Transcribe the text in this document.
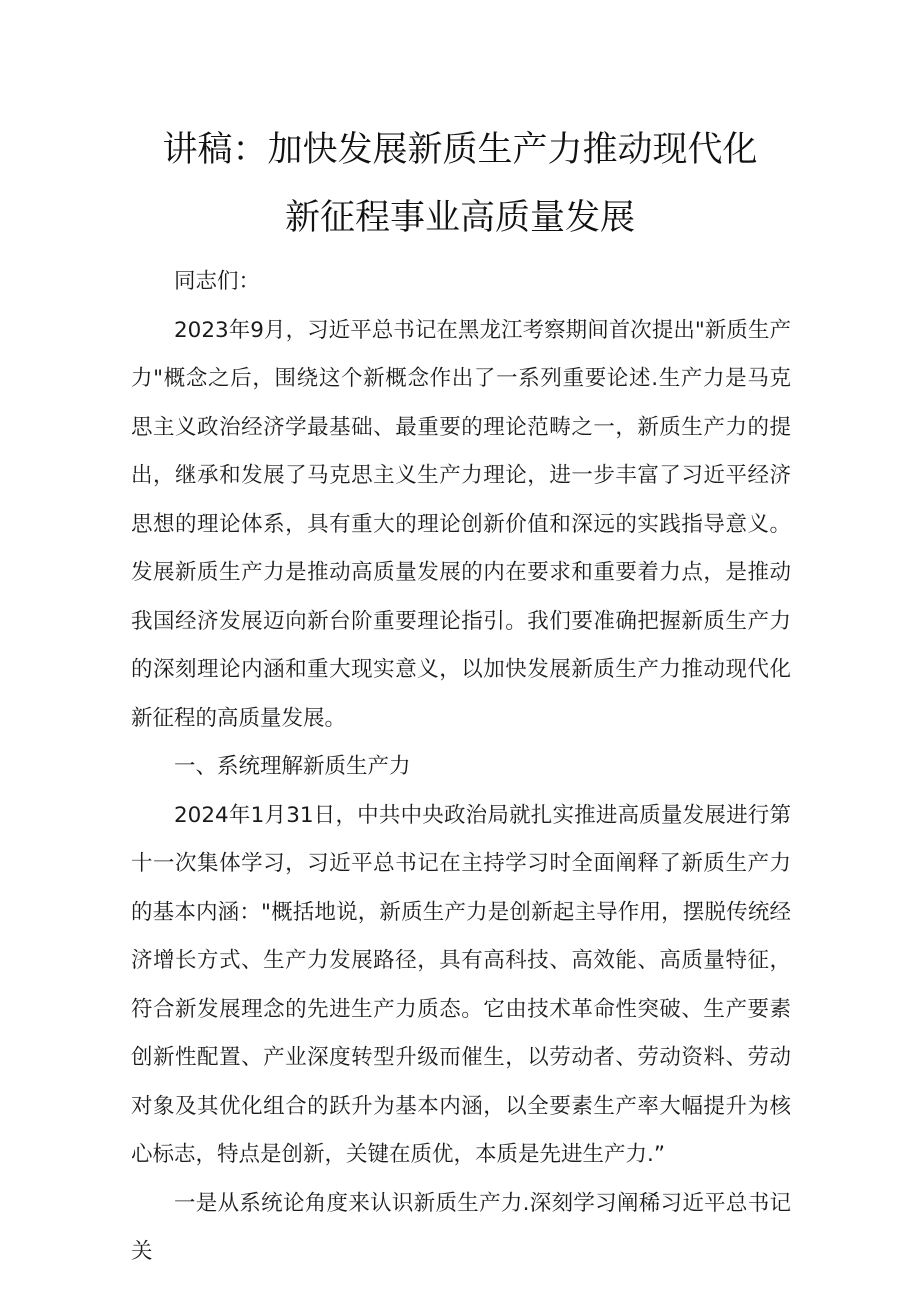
讲稿：加快发展新质生产力推动现代化
新征程事业高质量发展

同志们：

2023年9月，习近平总书记在黑龙江考察期间首次提出"新质生产力"概念之后，围绕这个新概念作出了一系列重要论述.生产力是马克思主义政治经济学最基础、最重要的理论范畴之一，新质生产力的提出，继承和发展了马克思主义生产力理论，进一步丰富了习近平经济思想的理论体系，具有重大的理论创新价值和深远的实践指导意义。发展新质生产力是推动高质量发展的内在要求和重要着力点，是推动我国经济发展迈向新台阶重要理论指引。我们要准确把握新质生产力的深刻理论内涵和重大现实意义，以加快发展新质生产力推动现代化新征程的高质量发展。

一、系统理解新质生产力

2024年1月31日，中共中央政治局就扎实推进高质量发展进行第十一次集体学习，习近平总书记在主持学习时全面阐释了新质生产力的基本内涵："概括地说，新质生产力是创新起主导作用，摆脱传统经济增长方式、生产力发展路径，具有高科技、高效能、高质量特征，符合新发展理念的先进生产力质态。它由技术革命性突破、生产要素创新性配置、产业深度转型升级而催生，以劳动者、劳动资料、劳动对象及其优化组合的跃升为基本内涵，以全要素生产率大幅提升为核心标志，特点是创新，关键在质优，本质是先进生产力.”

一是从系统论角度来认识新质生产力.深刻学习阐稀习近平总书记关
